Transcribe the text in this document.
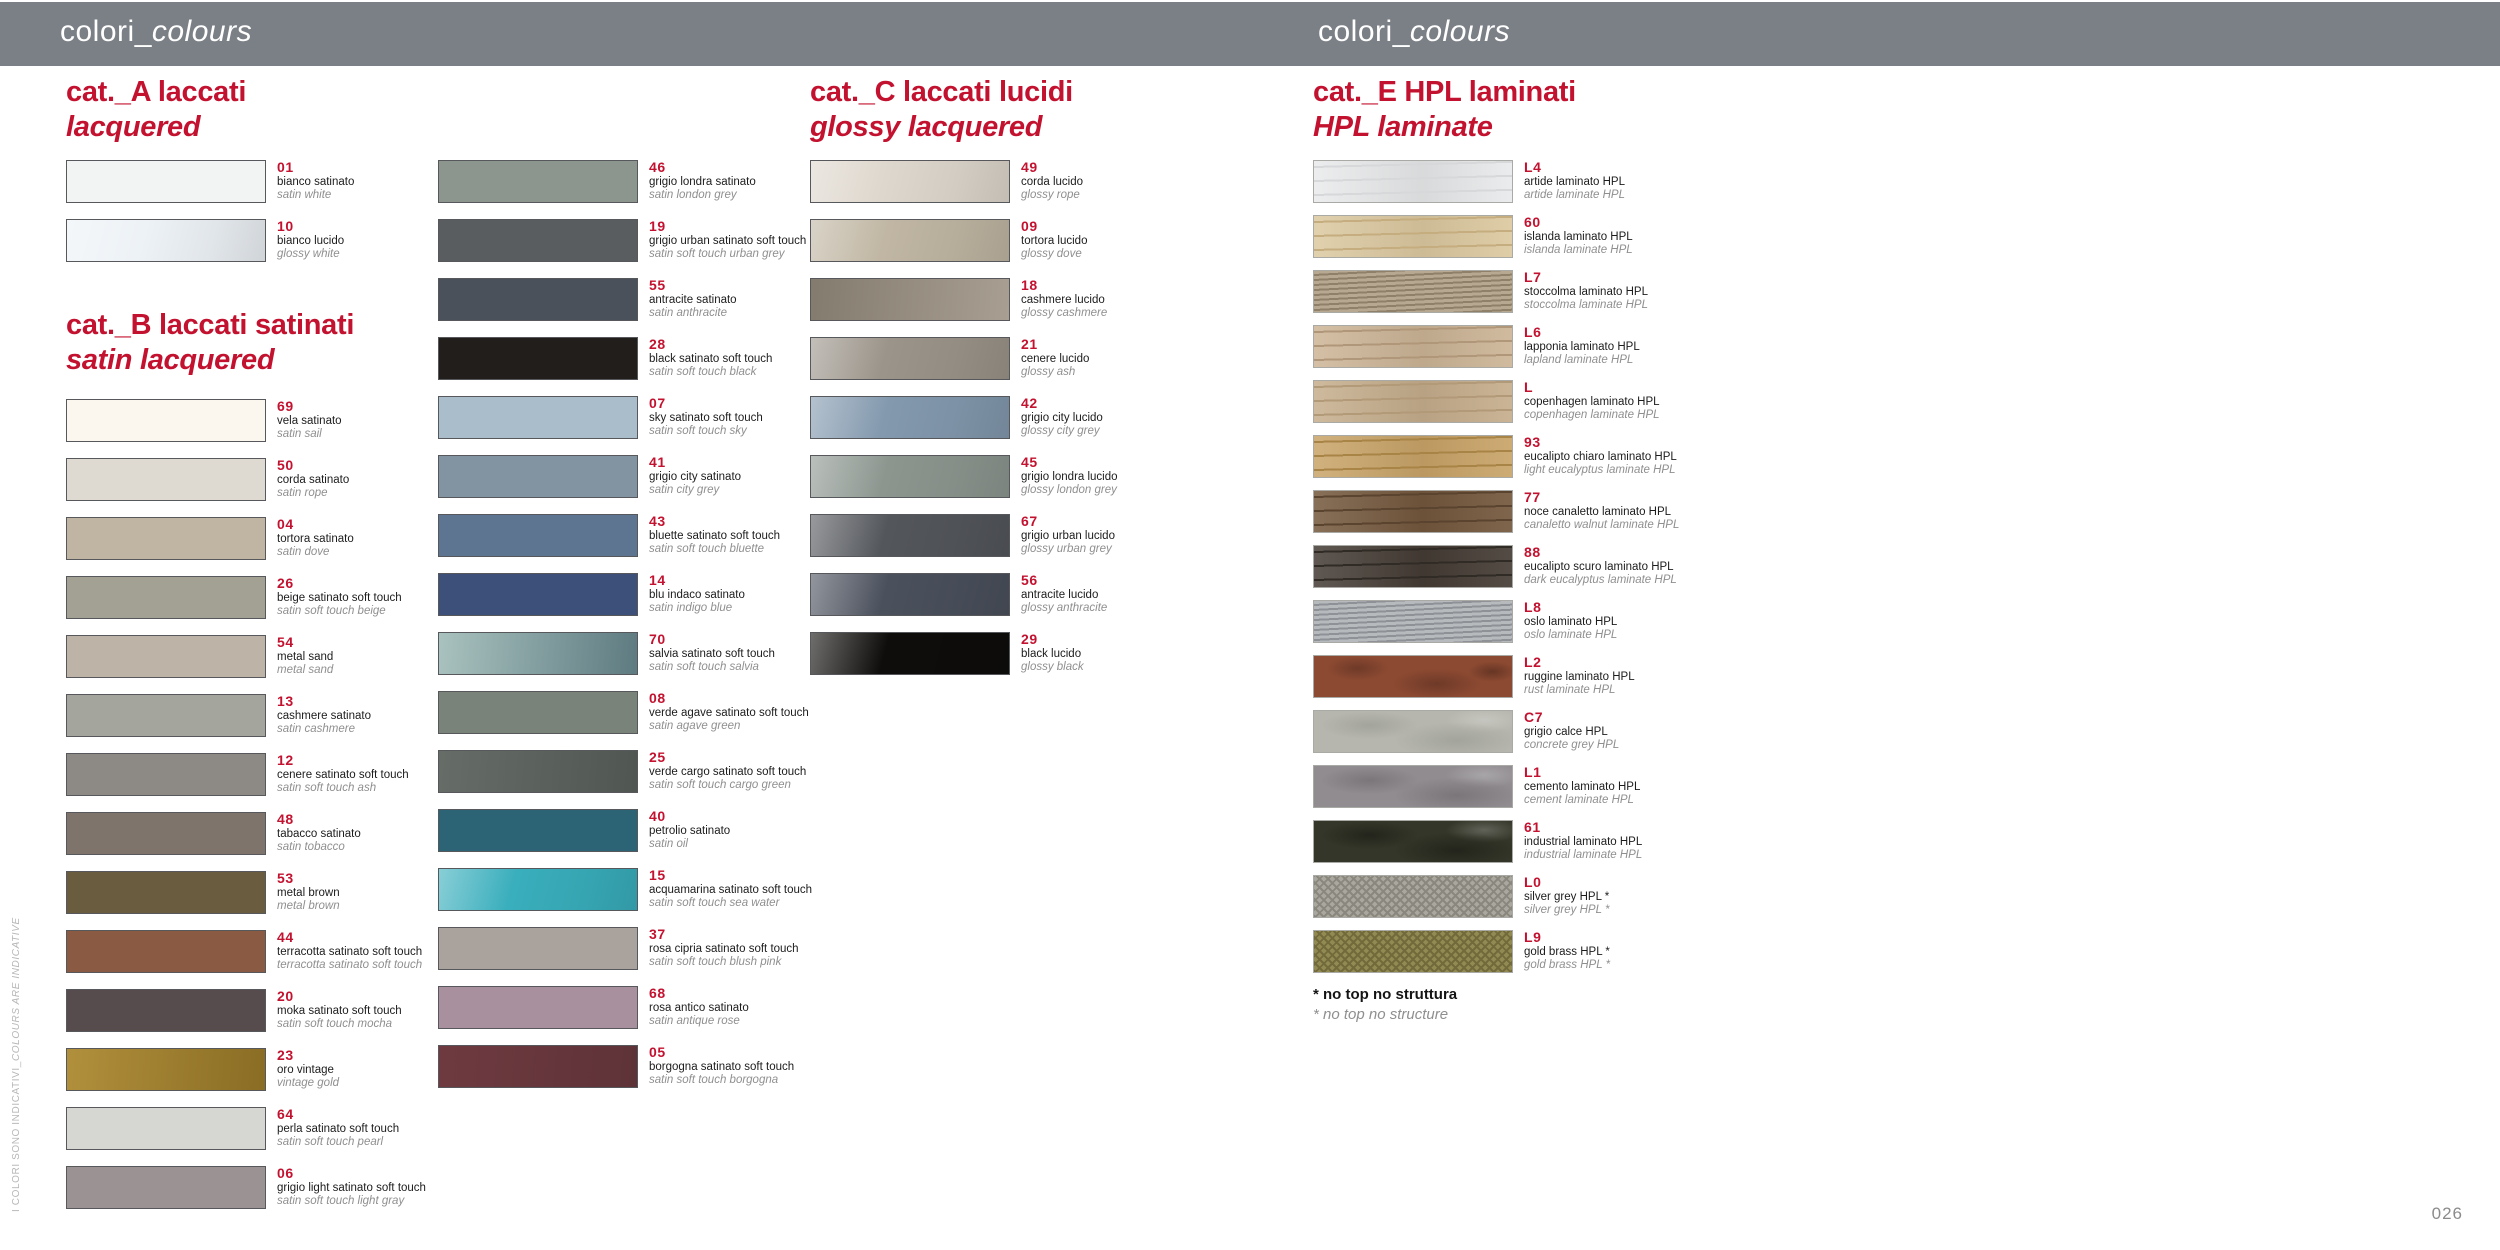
colori_colours	colori_colours
cat._A laccati
lacquered
01
bianco satinato
satin white
10
bianco lucido
glossy white
cat._B laccati satinati
satin lacquered
69
vela satinato
satin sail
50
corda satinato
satin rope
04
tortora satinato
satin dove
26
beige satinato soft touch
satin soft touch beige
54
metal sand
metal sand
13
cashmere satinato
satin cashmere
12
cenere satinato soft touch
satin soft touch ash
48
tabacco satinato
satin tobacco
53
metal brown
metal brown
44
terracotta satinato soft touch
terracotta satinato soft touch
20
moka satinato soft touch
satin soft touch mocha
23
oro vintage
vintage gold
64
perla satinato soft touch
satin soft touch pearl
06
grigio light satinato soft touch
satin soft touch light gray
46
grigio londra satinato
satin london grey
19
grigio urban satinato soft touch
satin soft touch urban grey
55
antracite satinato
satin anthracite
28
black satinato soft touch
satin soft touch black
07
sky satinato soft touch
satin soft touch sky
41
grigio city satinato
satin city grey
43
bluette satinato soft touch
satin soft touch bluette
14
blu indaco satinato
satin indigo blue
70
salvia satinato soft touch
satin soft touch salvia
08
verde agave satinato soft touch
satin agave green
25
verde cargo satinato soft touch
satin soft touch cargo green
40
petrolio satinato
satin oil
15
acquamarina satinato soft touch
satin soft touch sea water
37
rosa cipria satinato soft touch
satin soft touch blush pink
68
rosa antico satinato
satin antique rose
05
borgogna satinato soft touch
satin soft touch borgogna
cat._C laccati lucidi
glossy lacquered
49
corda lucido
glossy rope
09
tortora lucido
glossy dove
18
cashmere lucido
glossy cashmere
21
cenere lucido
glossy ash
42
grigio city lucido
glossy city grey
45
grigio londra lucido
glossy london grey
67
grigio urban lucido
glossy urban grey
56
antracite lucido
glossy anthracite
29
black lucido
glossy black
cat._E HPL laminati
HPL laminate
L4
artide laminato HPL
artide laminate HPL
60
islanda laminato HPL
islanda laminate HPL
L7
stoccolma laminato HPL
stoccolma laminate HPL
L6
lapponia laminato HPL
lapland laminate HPL
L
copenhagen laminato HPL
copenhagen laminate HPL
93
eucalipto chiaro laminato HPL
light eucalyptus laminate HPL
77
noce canaletto laminato HPL
canaletto walnut laminate HPL
88
eucalipto scuro laminato HPL
dark eucalyptus laminate HPL
L8
oslo laminato HPL
oslo laminate HPL
L2
ruggine laminato HPL
rust laminate HPL
C7
grigio calce HPL
concrete grey HPL
L1
cemento laminato HPL
cement laminate HPL
61
industrial laminato HPL
industrial laminate HPL
L0
silver grey HPL *
silver grey HPL *
L9
gold brass HPL *
gold brass HPL *
* no top no struttura
* no top no structure
I COLORI SONO INDICATIVI_COLOURS ARE INDICATIVE
026
